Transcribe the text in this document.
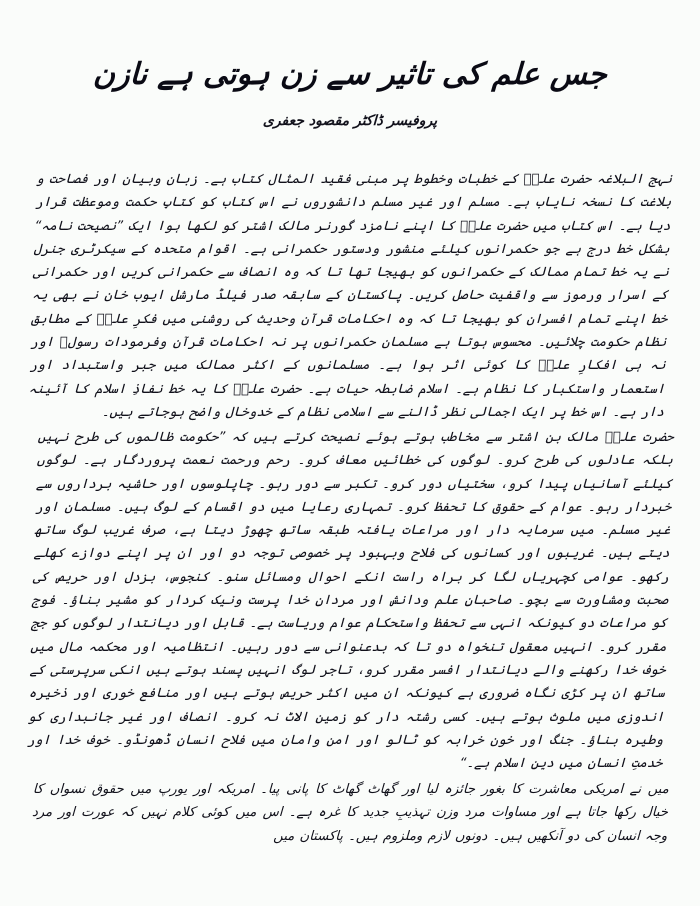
جس علم کی تاثیر سے زن ہوتی ہے نازن
پروفیسر ڈاکٹر مقصود جعفری

نہج البلاغہ حضرت علیؓ کے خطبات وخطوط پر مبنی فقید المثال کتاب ہے۔ زبان وبیان اور فصاحت و بلاغت کا نسخہ نایاب ہے۔ مسلم اور غیر مسلم دانشوروں نے اس کتاب کو کتابِ حکمت وموعظت قرار دیا ہے۔ اس کتاب میں حضرت علیؓ کا اپنے نامزد گورنر مالک اشتر کو لکھا ہوا ایک ”نصیحت نامہ“ بشکل خط درج ہے جو حکمرانوں کیلئے منشور ودستور حکمرانی ہے۔ اقوام متحدہ کے سیکرٹری جنرل نے یہ خط تمام ممالک کے حکمرانوں کو بھیجا تھا تا کہ وہ انصاف سے حکمرانی کریں اور حکمرانی کے اسرار ورموز سے واقفیت حاصل کریں۔ پاکستان کے سابقہ صدر فیلڈ مارشل ایوب خان نے بھی یہ خط اپنے تمام افسران کو بھیجا تا کہ وہ احکامات قرآن وحدیث کی روشنی میں فکرِ علیؓ کے مطابق نظام حکومت چلائیں۔ محسوس ہوتا ہے مسلمان حکمرانوں پر نہ احکامات قرآن وفرمودات رسولﷺ اور نہ ہی افکارِ علیؓ کا کوئی اثر ہوا ہے۔ مسلمانوں کے اکثر ممالک میں جبر واستبداد اور استعمار واستکبار کا نظام ہے۔ اسلام ضابطہ حیات ہے۔ حضرت علیؓ کا یہ خط نفاذِ اسلام کا آئینہ دار ہے۔ اس خط پر ایک اجمالی نظر ڈالنے سے اسلامی نظام کے خدوخال واضح ہوجاتے ہیں۔

حضرت علیؓ مالک بن اشتر سے مخاطب ہوتے ہوئے نصیحت کرتے ہیں کہ ”حکومت ظالموں کی طرح نہیں بلکہ عادلوں کی طرح کرو۔ لوگوں کی خطائیں معاف کرو۔ رحم ورحمت نعمت پروردگار ہے۔ لوگوں کیلئے آسانیاں پیدا کرو، سختیاں دور کرو۔ تکبر سے دور رہو۔ چاپلوسوں اور حاشیہ برداروں سے خبردار رہو۔ عوام کے حقوق کا تحفظ کرو۔ تمہاری رعایا میں دو اقسام کے لوگ ہیں۔ مسلمان اور غیر مسلم۔ میں سرمایہ دار اور مراعات یافتہ طبقہ ساتھ چھوڑ دیتا ہے، صرف غریب لوگ ساتھ دیتے ہیں۔ غریبوں اور کسانوں کی فلاح وبہبود پر خصوصی توجہ دو اور ان پر اپنے دوازے کھلے رکھو۔ عوامی کچہریاں لگا کر براہ راست انکے احوال ومسائل سنو۔ کنجوس، بزدل اور حریص کی صحبت ومشاورت سے بچو۔ صاحبانِ علم ودانش اور مردانِ خدا پرست ونیک کردار کو مشیر بناؤ۔ فوج کو مراعات دو کیونکہ انہی سے تحفظ واستحکام عوام وریاست ہے۔ قابل اور دیانتدار لوگوں کو جج مقرر کرو۔ انہیں معقول تنخواہ دو تا کہ بدعنوانی سے دور رہیں۔ انتظامیہ اور محکمہ مال میں خوف خدا رکھنے والے دیانتدار افسر مقرر کرو، تاجر لوگ انہیں پسند ہوتے ہیں انکی سرپرستی کے ساتھ ان پر کڑی نگاہ ضروری ہے کیونکہ ان میں اکثر حریص ہوتے ہیں اور منافع خوری اور ذخیرہ اندوزی میں ملوث ہوتے ہیں۔ کسی رشتہ دار کو زمین الاٹ نہ کرو۔ انصاف اور غیر جانبداری کو وطیرہ بناؤ۔ جنگ اور خون خرابہ کو ٹالو اور امن وامان میں فلاح انسان ڈھونڈو۔ خوف خدا اور خدمتِ انسان میں دینِ اسلام ہے۔“

میں نے امریکی معاشرت کا بغور جائزہ لیا اور گھاٹ گھاٹ کا پانی پیا۔ امریکہ اور یورپ میں حقوق نسواں کا خیال رکھا جاتا ہے اور مساوات مرد وزن تہذیبِ جدید کا غرہ ہے۔ اس میں کوئی کلام نہیں کہ عورت اور مرد وجہ انسان کی دو آنکھیں ہیں۔ دونوں لازم وملزوم ہیں۔ پاکستان میں
